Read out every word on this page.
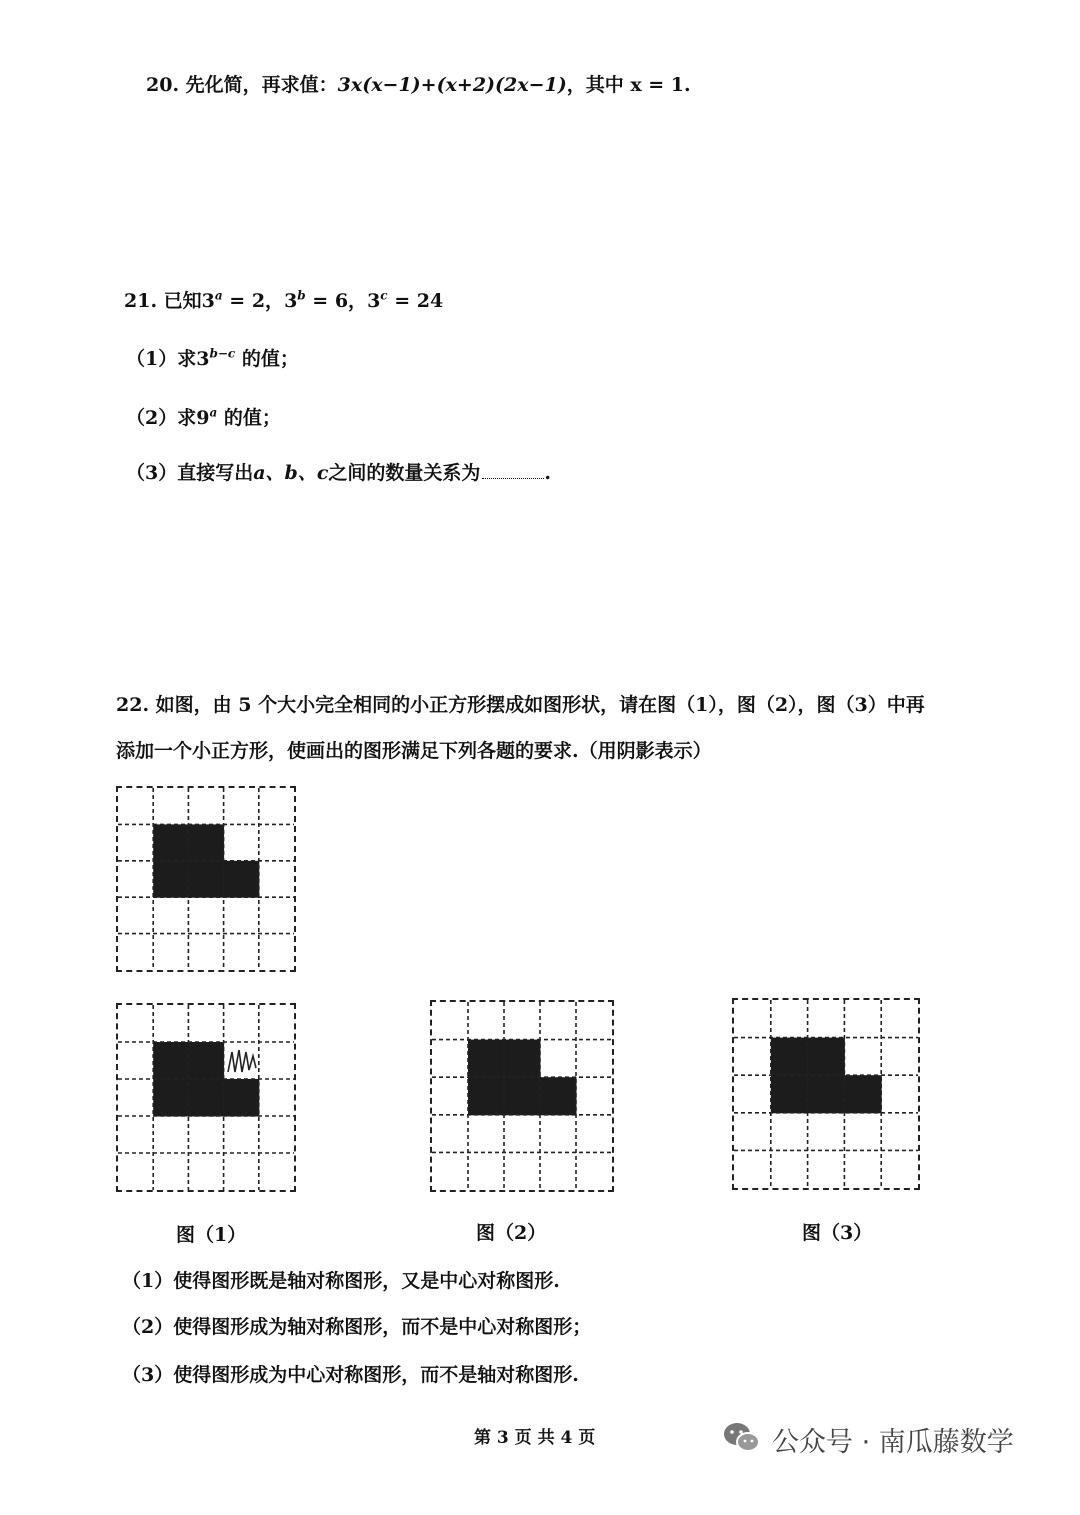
20. 先化简，再求值：3x(x−1)+(x+2)(2x−1)，其中 x = 1.
21. 已知$3^a = 2$，$3^b = 6$，$3^c = 24$
（1）求$3^{b-c}$ 的值；
（2）求9$^a$ 的值；
（3）直接写出a、b、c之间的数量关系为	.
22. 如图，由 5 个大小完全相同的小正方形摆成如图形状，请在图（1），图（2），图（3）中再
添加一个小正方形，使画出的图形满足下列各题的要求.（用阴影表示）
图（1）	图（2）	图（3）
（1）使得图形既是轴对称图形，又是中心对称图形.
（2）使得图形成为轴对称图形，而不是中心对称图形；
（3）使得图形成为中心对称图形，而不是轴对称图形.
第 3 页 共 4 页	公众号 · 南瓜藤数学
